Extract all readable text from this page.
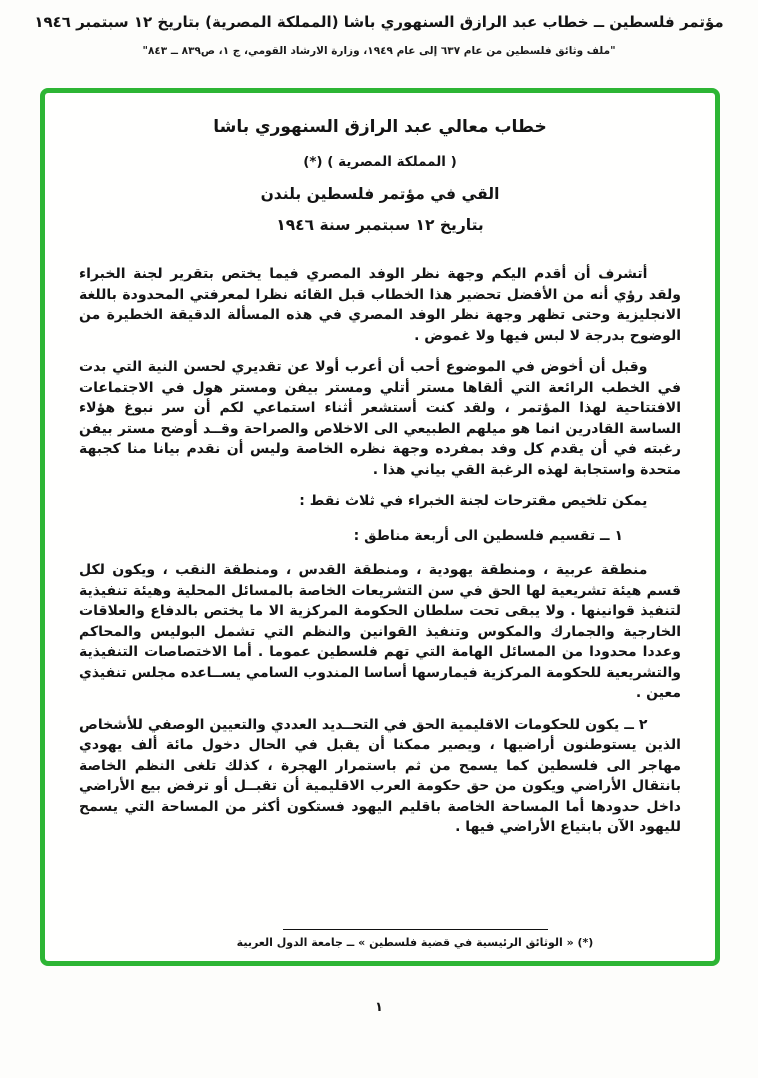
مؤتمر فلسطين ــ خطاب عبد الرازق السنهوري باشا (المملكة المصرية) بتاريخ ١٢ سبتمبر ١٩٤٦
"ملف وثائق فلسطين من عام ٦٣٧ إلى عام ١٩٤٩، وزارة الارشاد القومي، ج ١، ص٨٣٩ ــ ٨٤٣"
خطاب معالي عبد الرازق السنهوري باشا
( المملكة المصرية ) (*)
القي في مؤتمر فلسطين بلندن
بتاريخ ١٢ سبتمبر سنة ١٩٤٦

أتشرف أن أقدم اليكم وجهة نظر الوفد المصري فيما يختص بتقرير لجنة الخبراء ولقد رؤي أنه من الأفضل تحضير هذا الخطاب قبل القائه نظرا لمعرفتي المحدودة باللغة الانجليزية وحتى تظهر وجهة نظر الوفد المصري في هذه المسألة الدقيقة الخطيرة من الوضوح بدرجة لا لبس فيها ولا غموض .

وقبل أن أخوض في الموضوع أحب أن أعرب أولا عن تقديري لحسن النية التي بدت في الخطب الرائعة التي ألقاها مستر أتلي ومستر بيفن ومستر هول في الاجتماعات الافتتاحية لهذا المؤتمر ، ولقد كنت أستشعر أثناء استماعي لكم أن سر نبوغ هؤلاء الساسة القادرين انما هو ميلهم الطبيعي الى الاخلاص والصراحة وقــد أوضح مستر بيفن رغبته في أن يقدم كل وفد بمفرده وجهة نظره الخاصة وليس أن نقدم بيانا منا كجبهة متحدة واستجابة لهذه الرغبة القي بياني هذا .

يمكن تلخيص مقترحات لجنة الخبراء في ثلاث نقط :

١ ــ تقسيم فلسطين الى أربعة مناطق :

منطقة عربية ، ومنطقة يهودية ، ومنطقة القدس ، ومنطقة النقب ، ويكون لكل قسم هيئة تشريعية لها الحق في سن التشريعات الخاصة بالمسائل المحلية وهيئة تنفيذية لتنفيذ قوانينها . ولا يبقى تحت سلطان الحكومة المركزية الا ما يختص بالدفاع والعلاقات الخارجية والجمارك والمكوس وتنفيذ القوانين والنظم التي تشمل البوليس والمحاكم وعددا محدودا من المسائل الهامة التي تهم فلسطين عموما . أما الاختصاصات التنفيذية والتشريعية للحكومة المركزية فيمارسها أساسا المندوب السامي يســاعده مجلس تنفيذي معين .

٢ ــ يكون للحكومات الاقليمية الحق في التحــديد العددي والتعيين الوصفي للأشخاص الذين يستوطنون أراضيها ، ويصير ممكنا أن يقبل في الحال دخول مائة ألف يهودي مهاجر الى فلسطين كما يسمح من ثم باستمرار الهجرة ، كذلك تلغى النظم الخاصة بانتقال الأراضي ويكون من حق حكومة العرب الاقليمية أن تقبــل أو ترفض بيع الأراضي داخل حدودها أما المساحة الخاصة باقليم اليهود فستكون أكثر من المساحة التي يسمح لليهود الآن بابتياع الأراضي فيها .

(*) « الوثائق الرئيسية في قضية فلسطين » ــ جامعة الدول العربية
١
